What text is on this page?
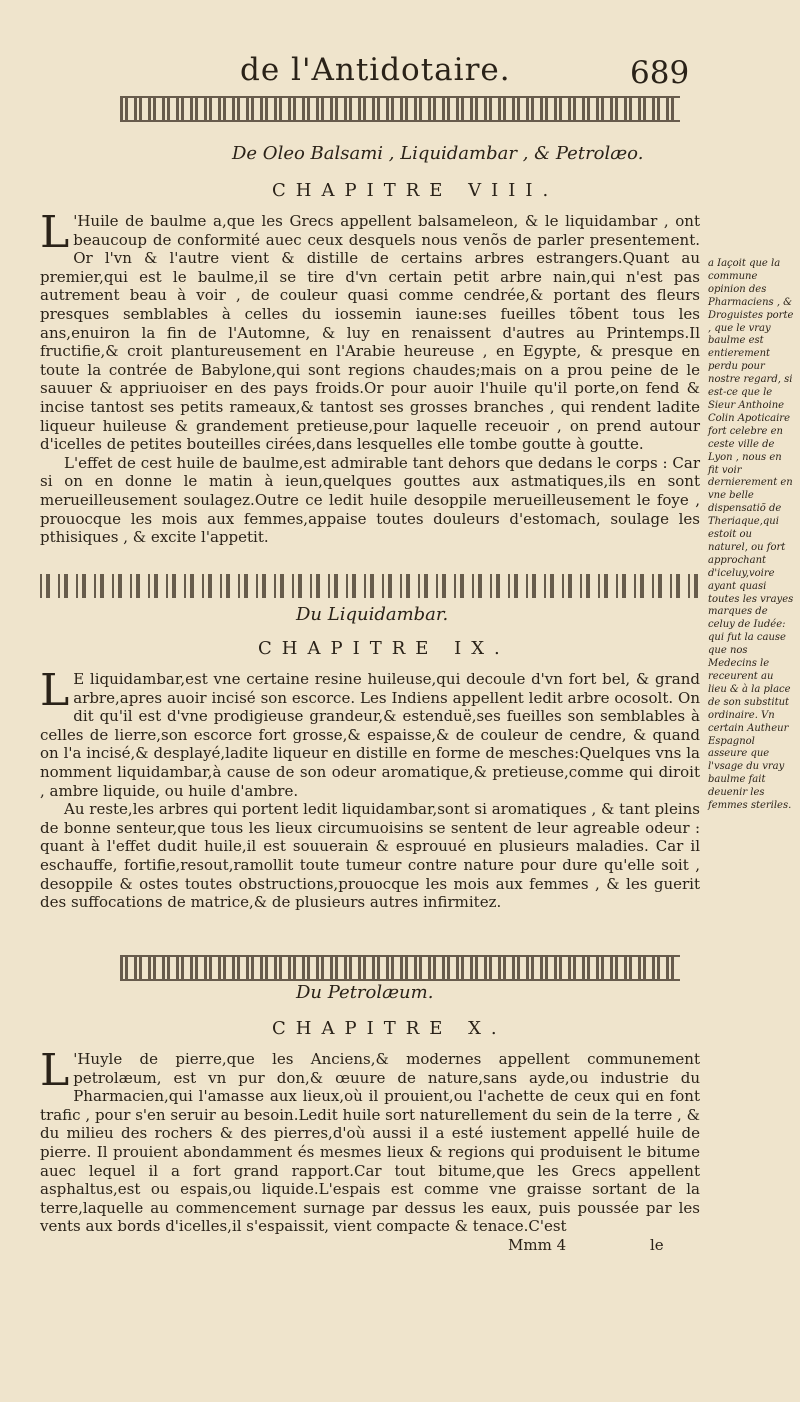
de l'Antidotaire.	689
De Oleo Balsami , Liquidambar , & Petrolæo.
CHAPITRE VIII.

L 'Huile de baulme a,que les Grecs appellent balsameleon, & le liquidambar , ont beaucoup de conformité auec ceux desquels nous venõs de parler presentement. Or l'vn & l'autre vient & distille de certains arbres estrangers.Quant au premier,qui est le baulme,il se tire d'vn certain petit arbre nain,qui n'est pas autrement beau à voir , de couleur quasi comme cendrée,& portant des fleurs presques semblables à celles du iossemin iaune:ses fueilles tõbent tous les ans,enuiron la fin de l'Automne, & luy en renaissent d'autres au Printemps.Il fructifie,& croit plantureusement en l'Arabie heureuse , en Egypte, & presque en toute la contrée de Babylone,qui sont regions chaudes;mais on a prou peine de le sauuer & appriuoiser en des pays froids.Or pour auoir l'huile qu'il porte,on fend & incise tantost ses petits rameaux,& tantost ses grosses branches , qui rendent ladite liqueur huileuse & grandement pretieuse,pour laquelle receuoir , on prend autour d'icelles de petites bouteilles cirées,dans lesquelles elle tombe goutte à goutte.
L'effet de cest huile de baulme,est admirable tant dehors que dedans le corps : Car si on en donne le matin à ieun,quelques gouttes aux astmatiques,ils en sont merueilleusement soulagez.Outre ce ledit huile desoppile merueilleusement le foye , prouocque les mois aux femmes,appaise toutes douleurs d'estomach, soulage les pthisiques , & excite l'appetit.

a Iaçoit que la commune opinion des Pharmaciens , & Droguistes porte , que le vray baulme est entierement perdu pour nostre regard, si est-ce que le Sieur Anthoine Colin Apoticaire fort celebre en ceste ville de Lyon , nous en fit voir dernierement en vne belle dispensatiõ de Theriaque,qui estoit ou naturel, ou fort approchant d'iceluy,voire ayant quasi toutes les vrayes marques de celuy de Iudée: qui fut la cause que nos Medecins le receurent au lieu & à la place de son substitut ordinaire. Vn certain Autheur Espagnol asseure que l'vsage du vray baulme fait deuenir les femmes steriles.

Du Liquidambar.
CHAPITRE IX.

L E liquidambar,est vne certaine resine huileuse,qui decoule d'vn fort bel, & grand arbre,apres auoir incisé son escorce. Les Indiens appellent ledit arbre ocosolt. On dit qu'il est d'vne prodigieuse grandeur,& estenduë,ses fueilles son semblables à celles de lierre,son escorce fort grosse,& espaisse,& de couleur de cendre, & quand on l'a incisé,& desplayé,ladite liqueur en distille en forme de mesches:Quelques vns la nomment liquidambar,à cause de son odeur aromatique,& pretieuse,comme qui diroit , ambre liquide, ou huile d'ambre.
Au reste,les arbres qui portent ledit liquidambar,sont si aromatiques , & tant pleins de bonne senteur,que tous les lieux circumuoisins se sentent de leur agreable odeur : quant à l'effet dudit huile,il est souuerain & esprouué en plusieurs maladies. Car il eschauffe, fortifie,resout,ramollit toute tumeur contre nature pour dure qu'elle soit , desoppile & ostes toutes obstructions,prouocque les mois aux femmes , & les guerit des suffocations de matrice,& de plusieurs autres infirmitez.

Du Petrolæum.
CHAPITRE X.

L 'Huyle de pierre,que les Anciens,& modernes appellent communement petrolæum, est vn pur don,& œuure de nature,sans ayde,ou industrie du Pharmacien,qui l'amasse aux lieux,où il prouient,ou l'achette de ceux qui en font trafic , pour s'en seruir au besoin.Ledit huile sort naturellement du sein de la terre , & du milieu des rochers & des pierres,d'où aussi il a esté iustement appellé huile de pierre. Il prouient abondamment és mesmes lieux & regions qui produisent le bitume auec lequel il a fort grand rapport.Car tout bitume,que les Grecs appellent asphaltus,est ou espais,ou liquide.L'espais est comme vne graisse sortant de la terre,laquelle au commencement surnage par dessus les eaux, puis poussée par les vents aux bords d'icelles,il s'espaissit, vient compacte & tenace.C'est

Mmm 4	le
